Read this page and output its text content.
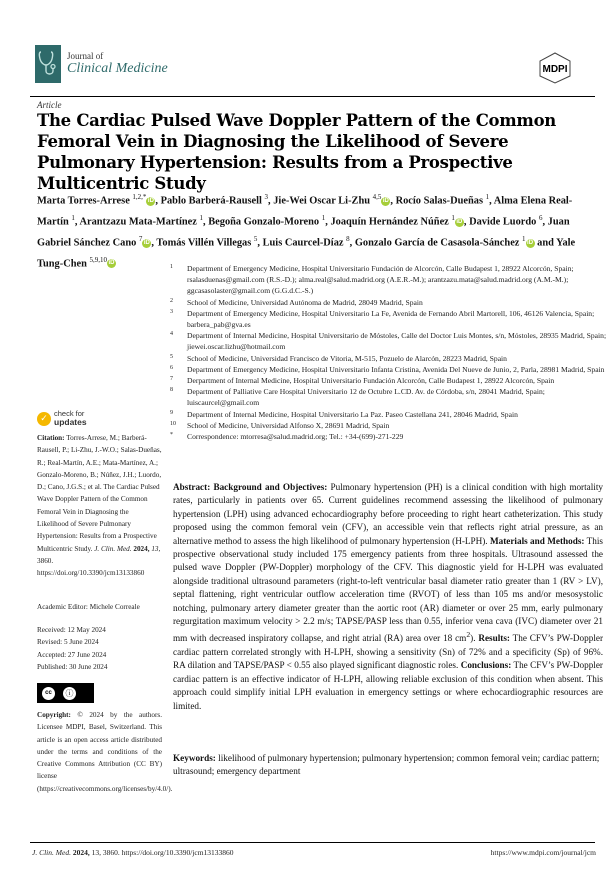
Journal of
Clinical Medicine	MDPI
Article
The Cardiac Pulsed Wave Doppler Pattern of the Common Femoral Vein in Diagnosing the Likelihood of Severe Pulmonary Hypertension: Results from a Prospective Multicentric Study
Marta Torres-Arrese $^{1,2,*}$ iD , Pablo Barberá-Rausell $^3$, Jie-Wei Oscar Li-Zhu $^{4,5}$ iD , Rocío Salas-Dueñas $^1$, Alma Elena Real-Martín $^1$, Arantzazu Mata-Martínez $^1$, Begoña Gonzalo-Moreno $^1$, Joaquín Hernández Núñez $^1$ iD , Davide Luordo $^6$, Juan Gabriel Sánchez Cano $^7$ iD , Tomás Villén Villegas $^5$, Luis Caurcel-Díaz $^8$, Gonzalo García de Casasola-Sánchez $^1$ iD and Yale Tung-Chen $^{5,9,10}$ iD
1	Department of Emergency Medicine, Hospital Universitario Fundación de Alcorcón, Calle Budapest 1, 28922 Alcorcón, Spain; rsalasduenas@gmail.com (R.S.-D.); alma.real@salud.madrid.org (A.E.R.-M.); arantzazu.mata@salud.madrid.org (A.M.-M.); ggcasasolaster@gmail.com (G.G.d.C.-S.)
2	School of Medicine, Universidad Autónoma de Madrid, 28049 Madrid, Spain
3	Department of Emergency Medicine, Hospital Universitario La Fe, Avenida de Fernando Abril Martorell, 106, 46126 Valencia, Spain; barbera_pab@gva.es
4	Department of Internal Medicine, Hospital Universitario de Móstoles, Calle del Doctor Luis Montes, s/n, Móstoles, 28935 Madrid, Spain; jiewei.oscar.lizhu@hotmail.com
5	School of Medicine, Universidad Francisco de Vitoria, M-515, Pozuelo de Alarcón, 28223 Madrid, Spain
6	Department of Emergency Medicine, Hospital Universitario Infanta Cristina, Avenida Del Nueve de Junio, 2, Parla, 28981 Madrid, Spain
7	Derpartment of Internal Medicine, Hospital Universitario Fundación Alcorcón, Calle Budapest 1, 28922 Alcorcón, Spain
8	Department of Palliative Care Hospital Universitario 12 de Octubre L.CD. Av. de Córdoba, s/n, 28041 Madrid, Spain; luiscaurcel@gmail.com
9	Department of Internal Medicine, Hospital Universitario La Paz. Paseo Castellana 241, 28046 Madrid, Spain
10	School of Medicine, Universidad Alfonso X, 28691 Madrid, Spain
*	Correspondence: mtorresa@salud.madrid.org; Tel.: +34-(699)-271-229
✓ check for
updates
Citation: Torres-Arrese, M.; Barberá-Rausell, P.; Li-Zhu, J.-W.O.; Salas-Dueñas, R.; Real-Martín, A.E.; Mata-Martínez, A.; Gonzalo-Moreno, B.; Núñez, J.H.; Luordo, D.; Cano, J.G.S.; et al. The Cardiac Pulsed Wave Doppler Pattern of the Common Femoral Vein in Diagnosing the Likelihood of Severe Pulmonary Hypertension: Results from a Prospective Multicentric Study. J. Clin. Med. 2024, 13, 3860. https://doi.org/10.3390/jcm13133860
Academic Editor: Michele Correale
Received: 12 May 2024
Revised: 5 June 2024
Accepted: 27 June 2024
Published: 30 June 2024
cc	ⓘ
Copyright: © 2024 by the authors. Licensee MDPI, Basel, Switzerland. This article is an open access article distributed under the terms and conditions of the Creative Commons Attribution (CC BY) license (https://creativecommons.org/licenses/by/4.0/).
Abstract: Background and Objectives: Pulmonary hypertension (PH) is a clinical condition with high mortality rates, particularly in patients over 65. Current guidelines recommend assessing the likelihood of pulmonary hypertension (LPH) using advanced echocardiography before proceeding to right heart catheterization. This study proposed using the common femoral vein (CFV), an accessible vein that reflects right atrial pressure, as an alternative method to assess the high likelihood of pulmonary hypertension (H-LPH). Materials and Methods: This prospective observational study included 175 emergency patients from three hospitals. Ultrasound assessed the pulsed wave Doppler (PW-Doppler) morphology of the CFV. This diagnostic yield for H-LPH was evaluated alongside traditional ultrasound parameters (right-to-left ventricular basal diameter ratio greater than 1 (RV > LV), septal flattening, right ventricular outflow acceleration time (RVOT) of less than 105 ms and/or mesosystolic notching, pulmonary artery diameter greater than the aortic root (AR) diameter or over 25 mm, early pulmonary regurgitation maximum velocity > 2.2 m/s; TAPSE/PASP less than 0.55, inferior vena cava (IVC) diameter over 21 mm with decreased inspiratory collapse, and right atrial (RA) area over 18 $cm^2$). Results: The CFV’s PW-Doppler cardiac pattern correlated strongly with H-LPH, showing a sensitivity (Sn) of 72% and a specificity (Sp) of 96%. RA dilation and TAPSE/PASP < 0.55 also played significant diagnostic roles. Conclusions: The CFV’s PW-Doppler cardiac pattern is an effective indicator of H-LPH, allowing reliable exclusion of this condition when absent. This approach could simplify initial LPH evaluation in emergency settings or where echocardiographic resources are limited.
Keywords: likelihood of pulmonary hypertension; pulmonary hypertension; common femoral vein; cardiac pattern; ultrasound; emergency department
J. Clin. Med. 2024, 13, 3860. https://doi.org/10.3390/jcm13133860	https://www.mdpi.com/journal/jcm
